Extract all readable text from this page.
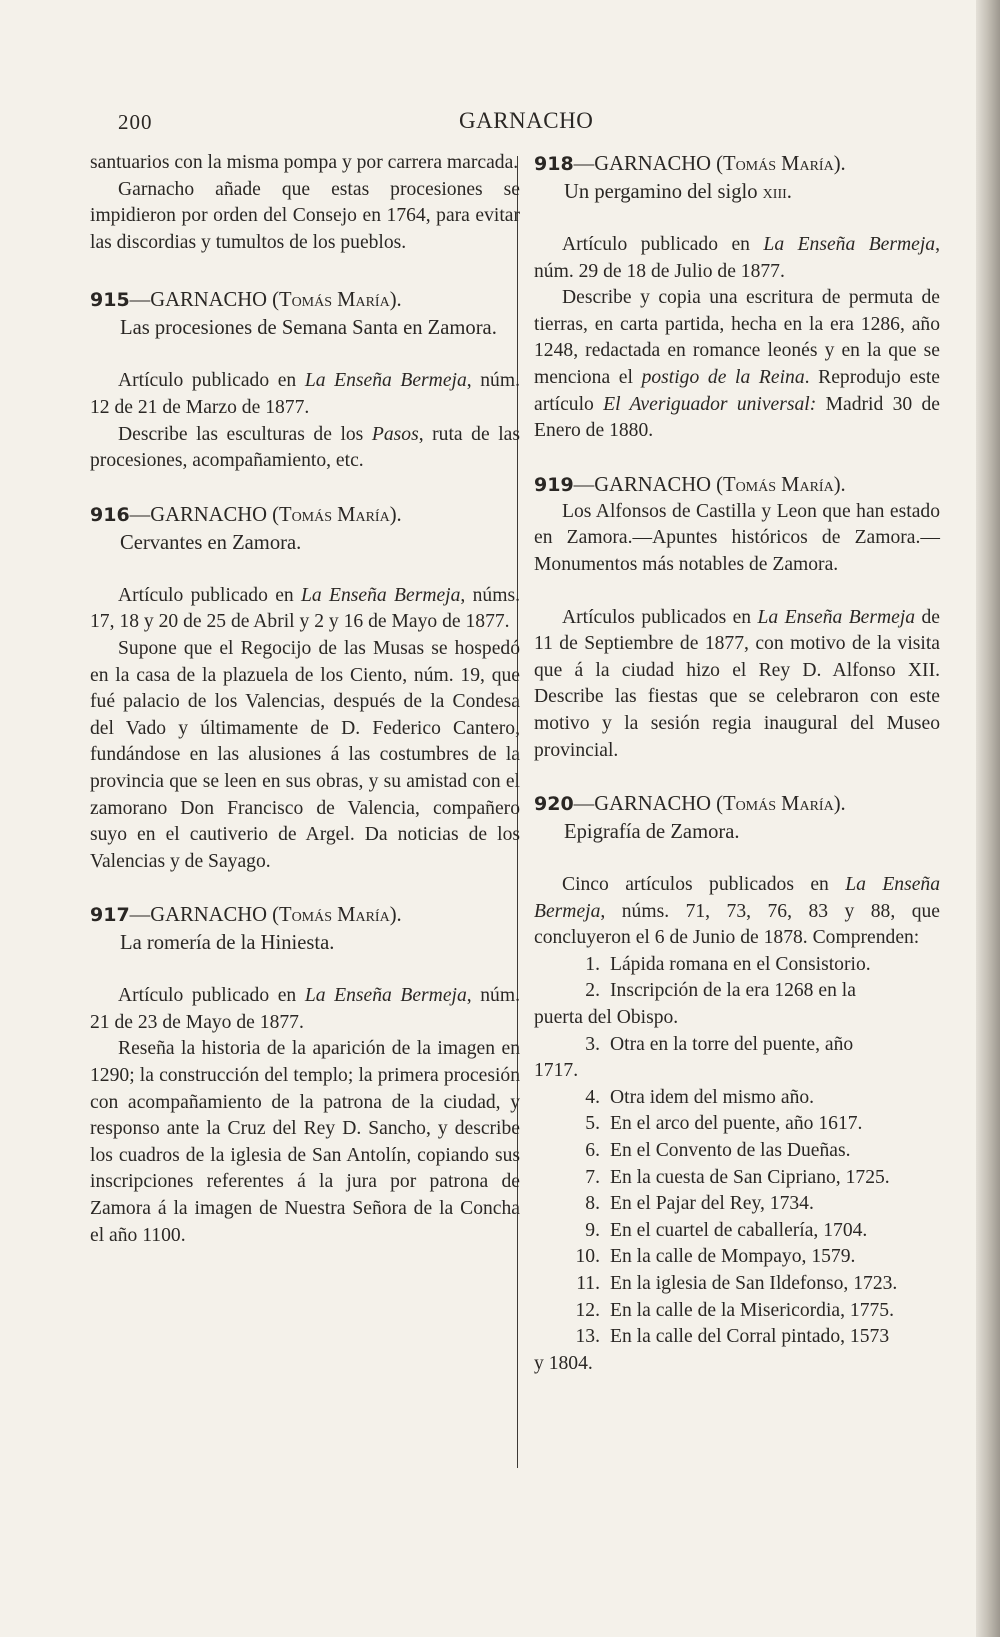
200	GARNACHO

santuarios con la misma pompa y por carrera marcada.

Garnacho añade que estas procesiones se impidieron por orden del Consejo en 1764, para evitar las discordias y tumultos de los pueblos.

915—GARNACHO (Tomás María).

Las procesiones de Semana Santa en Zamora.

Artículo publicado en La Enseña Bermeja, núm. 12 de 21 de Marzo de 1877.

Describe las esculturas de los Pasos, ruta de las procesiones, acompañamiento, etc.

916—GARNACHO (Tomás María).

Cervantes en Zamora.

Artículo publicado en La Enseña Bermeja, núms. 17, 18 y 20 de 25 de Abril y 2 y 16 de Mayo de 1877.

Supone que el Regocijo de las Musas se hospedó en la casa de la plazuela de los Ciento, núm. 19, que fué palacio de los Valencias, después de la Condesa del Vado y últimamente de D. Federico Cantero, fundándose en las alusiones á las costumbres de la provincia que se leen en sus obras, y su amistad con el zamorano Don Francisco de Valencia, compañero suyo en el cautiverio de Argel. Da noticias de los Valencias y de Sayago.

917—GARNACHO (Tomás María).

La romería de la Hiniesta.

Artículo publicado en La Enseña Bermeja, núm. 21 de 23 de Mayo de 1877.

Reseña la historia de la aparición de la imagen en 1290; la construcción del templo; la primera procesión con acompañamiento de la patrona de la ciudad, y responso ante la Cruz del Rey D. Sancho, y describe los cuadros de la iglesia de San Antolín, copiando sus inscripciones referentes á la jura por patrona de Zamora á la imagen de Nuestra Señora de la Concha el año 1100.

918—GARNACHO (Tomás María).

Un pergamino del siglo xiii.

Artículo publicado en La Enseña Bermeja, núm. 29 de 18 de Julio de 1877.

Describe y copia una escritura de permuta de tierras, en carta partida, hecha en la era 1286, año 1248, redactada en romance leonés y en la que se menciona el postigo de la Reina. Reprodujo este artículo El Averiguador universal: Madrid 30 de Enero de 1880.

919—GARNACHO (Tomás María).

Los Alfonsos de Castilla y Leon que han estado en Zamora.—Apuntes históricos de Zamora.—Monumentos más notables de Zamora.

Artículos publicados en La Enseña Bermeja de 11 de Septiembre de 1877, con motivo de la visita que á la ciudad hizo el Rey D. Alfonso XII. Describe las fiestas que se celebraron con este motivo y la sesión regia inaugural del Museo provincial.

920—GARNACHO (Tomás María).

Epigrafía de Zamora.

Cinco artículos publicados en La Enseña Bermeja, núms. 71, 73, 76, 83 y 88, que concluyeron el 6 de Junio de 1878. Comprenden:

1. Lápida romana en el Consistorio.
2. Inscripción de la era 1268 en la
puerta del Obispo.
3. Otra en la torre del puente, año
1717.
4. Otra idem del mismo año.
5. En el arco del puente, año 1617.
6. En el Convento de las Dueñas.
7. En la cuesta de San Cipriano, 1725.
8. En el Pajar del Rey, 1734.
9. En el cuartel de caballería, 1704.
10. En la calle de Mompayo, 1579.
11. En la iglesia de San Ildefonso, 1723.
12. En la calle de la Misericordia, 1775.
13. En la calle del Corral pintado, 1573
y 1804.
